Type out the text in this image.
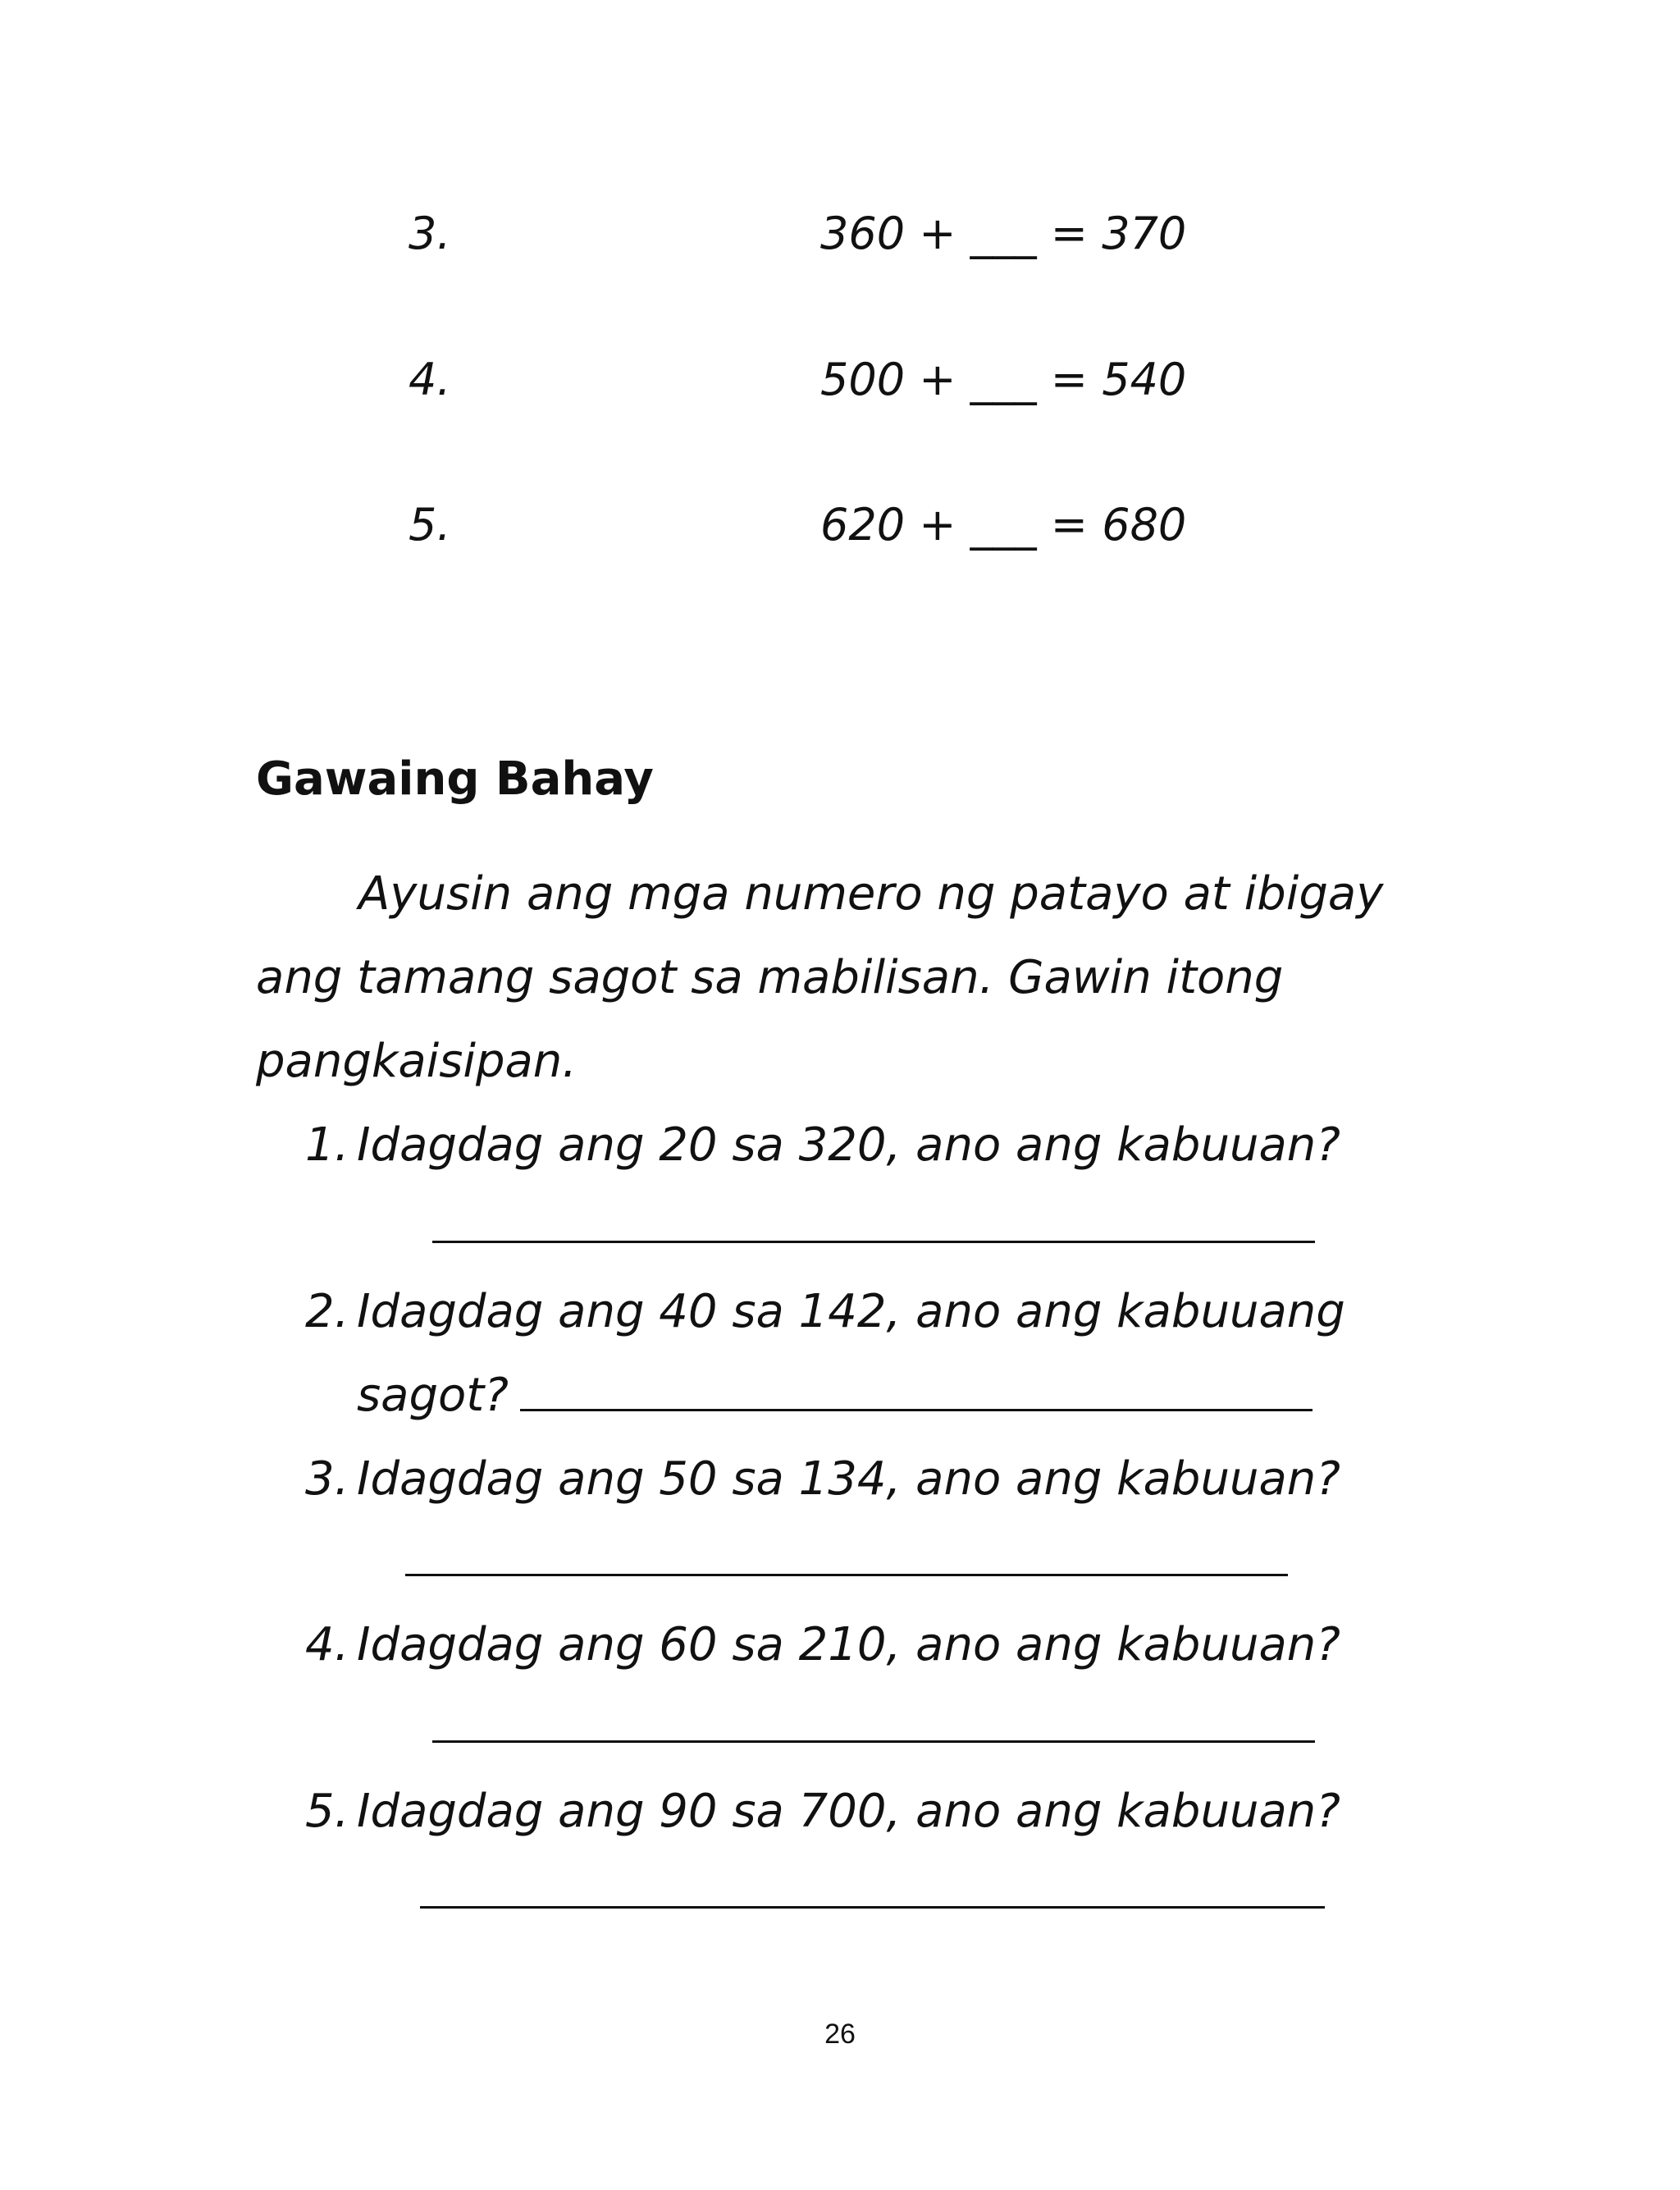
3.	360 + ___ = 370
4.	500 + ___ = 540
5.	620 + ___ = 680
Gawaing Bahay
Ayusin ang mga numero ng patayo at ibigay
ang tamang sagot sa mabilisan. Gawin itong
pangkaisipan.
1. Idagdag ang 20 sa 320, ano ang kabuuan?
2. Idagdag ang 40 sa 142, ano ang kabuuang
sagot?
3. Idagdag ang 50 sa 134, ano ang kabuuan?
4. Idagdag ang 60 sa 210, ano ang kabuuan?
5. Idagdag ang 90 sa 700, ano ang kabuuan?
26
